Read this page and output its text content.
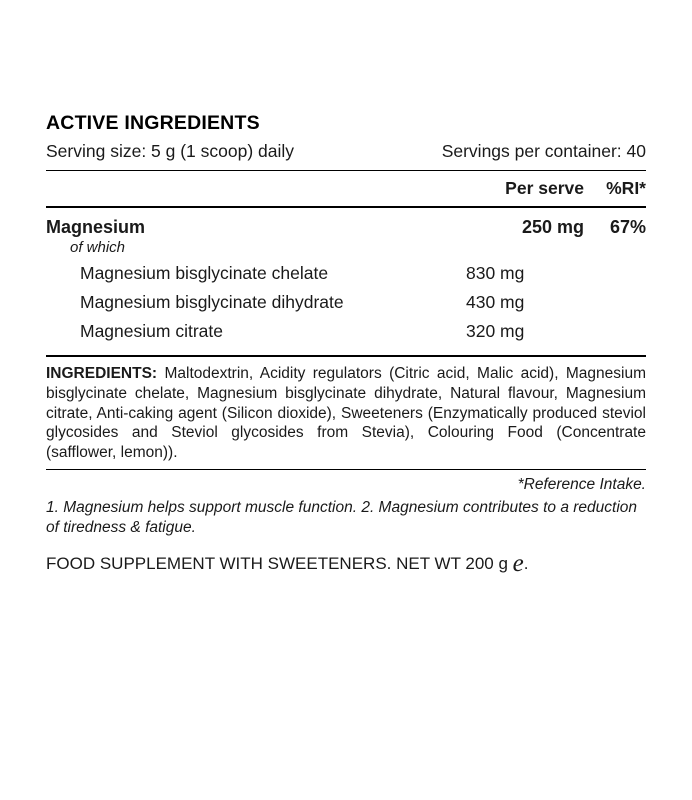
ACTIVE INGREDIENTS
Serving size: 5 g (1 scoop) daily	Servings per container: 40
Per serve	%RI*
Magnesium	250 mg	67%
of which
Magnesium bisglycinate chelate	830 mg
Magnesium bisglycinate dihydrate	430 mg
Magnesium citrate	320 mg
INGREDIENTS: Maltodextrin, Acidity regulators (Citric acid, Malic acid), Magnesium bisglycinate chelate, Magnesium bisglycinate dihydrate, Natural flavour, Magnesium citrate, Anti-caking agent (Silicon dioxide), Sweeteners (Enzymatically produced steviol glycosides and Steviol glycosides from Stevia), Colouring Food (Concentrate (safflower, lemon)).
*Reference Intake.
1. Magnesium helps support muscle function. 2. Magnesium contributes to a reduction of tiredness & fatigue.
FOOD SUPPLEMENT WITH SWEETENERS. NET WT 200 g e.
